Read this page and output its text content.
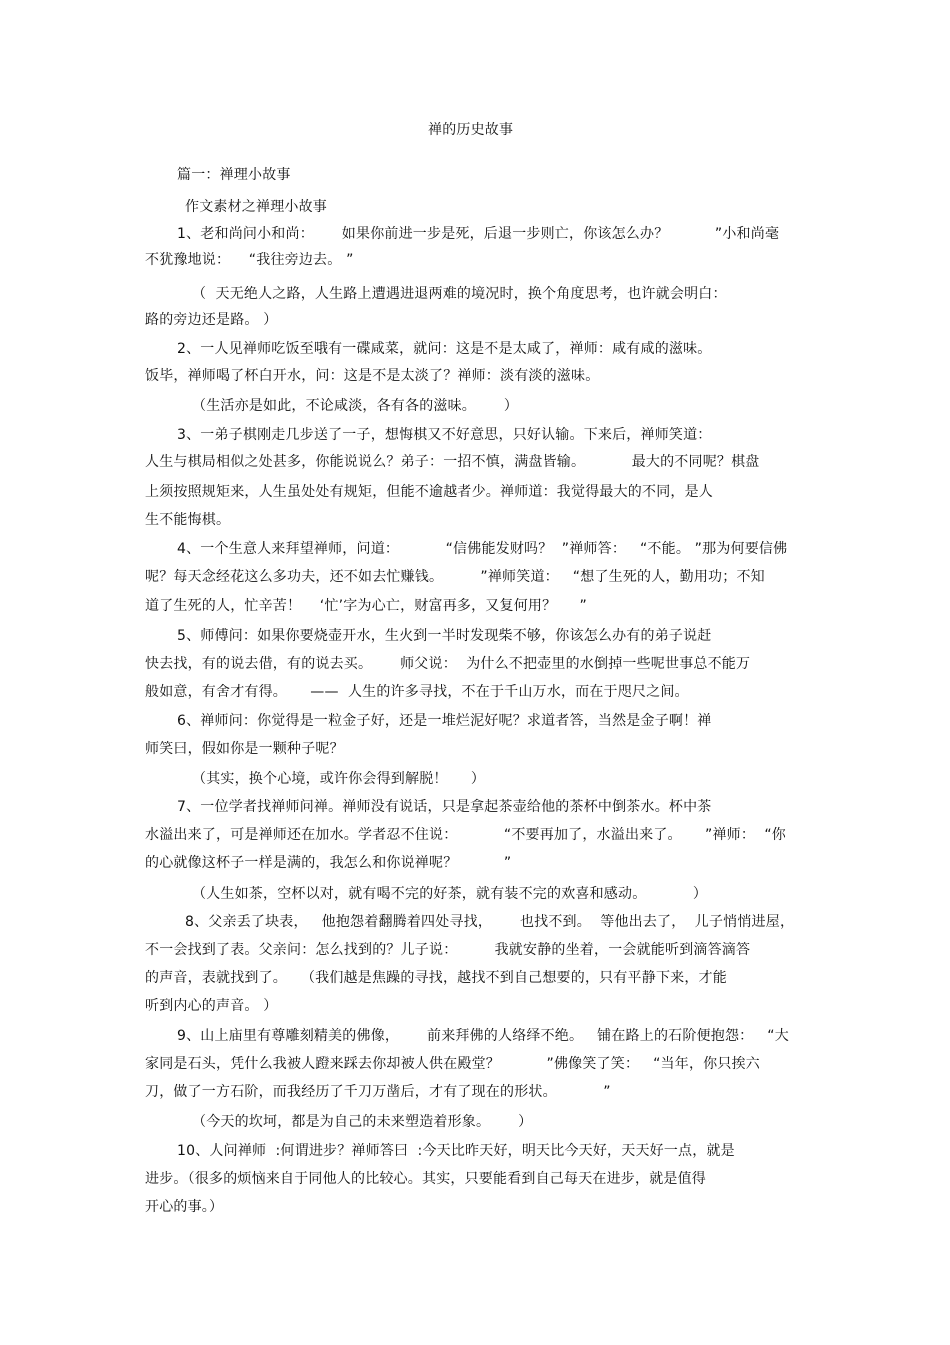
禅的历史故事
篇一：禅理小故事
作文素材之禅理小故事
1、老和尚问小和尚：      如果你前进一步是死，后退一步则亡，你该怎么办？          ”小和尚毫
不犹豫地说：    “我往旁边去。 ”
（  天无绝人之路，人生路上遭遇进退两难的境况时，换个角度思考，也许就会明白：
路的旁边还是路。 ）
2、一人见禅师吃饭至哦有一碟咸菜，就问：这是不是太咸了，禅师：咸有咸的滋味。
饭毕，禅师喝了杯白开水，问：这是不是太淡了？禅师：淡有淡的滋味。
（生活亦是如此，不论咸淡，各有各的滋味。      ）
3、一弟子棋刚走几步送了一子，想悔棋又不好意思，只好认输。下来后，禅师笑道：
人生与棋局相似之处甚多，你能说说么？弟子：一招不慎，满盘皆输。          最大的不同呢？棋盘
上须按照规矩来，人生虽处处有规矩，但能不逾越者少。禅师道：我觉得最大的不同，是人
生不能悔棋。
4、一个生意人来拜望禅师，问道：          “信佛能发财吗？  ”禅师答：   “不能。 ”那为何要信佛
呢？每天念经花这么多功夫，还不如去忙赚钱。        ”禅师笑道：   “想了生死的人，勤用功；不知
道了生死的人，忙辛苦！    ‘忙’字为心亡，财富再多，又复何用？     ”
5、师傅问：如果你要烧壶开水，生火到一半时发现柴不够，你该怎么办有的弟子说赶
快去找，有的说去借，有的说去买。      师父说：  为什么不把壶里的水倒掉一些呢世事总不能万
般如意，有舍才有得。     ——  人生的许多寻找，不在于千山万水，而在于咫尺之间。
6、禅师问：你觉得是一粒金子好，还是一堆烂泥好呢？求道者答，当然是金子啊！禅
师笑曰，假如你是一颗种子呢？
（其实，换个心境，或许你会得到解脱！     ）
7、一位学者找禅师问禅。禅师没有说话，只是拿起茶壶给他的茶杯中倒茶水。杯中茶
水溢出来了，可是禅师还在加水。学者忍不住说：          “不要再加了，水溢出来了。     ”禅师：  “你
的心就像这杯子一样是满的，我怎么和你说禅呢？          ”
（人生如茶，空杯以对，就有喝不完的好茶，就有装不完的欢喜和感动。          ）
8、父亲丢了块表，   他抱怨着翻腾着四处寻找，      也找不到。  等他出去了，  儿子悄悄进屋，
不一会找到了表。父亲问：怎么找到的？儿子说：        我就安静的坐着，一会就能听到滴答滴答
的声音，表就找到了。   （我们越是焦躁的寻找，越找不到自己想要的，只有平静下来，才能
听到内心的声音。 ）
9、山上庙里有尊雕刻精美的佛像，      前来拜佛的人络绎不绝。   铺在路上的石阶便抱怨：   “大
家同是石头，凭什么我被人蹬来踩去你却被人供在殿堂？          ”佛像笑了笑：   “当年，你只挨六
刀，做了一方石阶，而我经历了千刀万凿后，才有了现在的形状。          ”
（今天的坎坷，都是为自己的未来塑造着形象。      ）
10、人问禅师  :何谓进步？禅师答曰  :今天比昨天好，明天比今天好，天天好一点，就是
进步。（很多的烦恼来自于同他人的比较心。其实，只要能看到自己每天在进步，就是值得
开心的事。）
